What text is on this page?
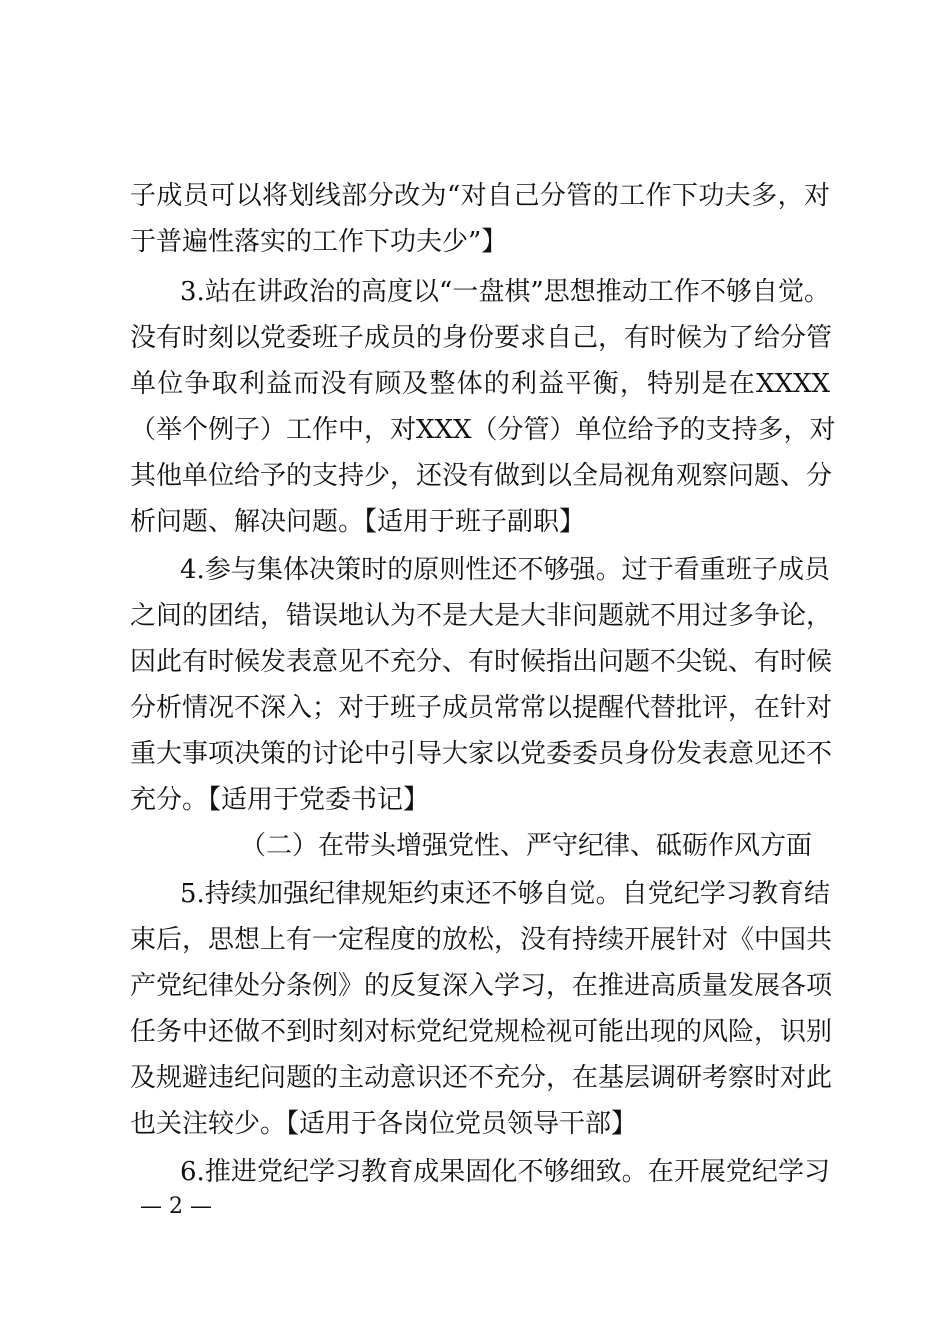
子成员可以将划线部分改为“对自己分管的工作下功夫多，对
于普遍性落实的工作下功夫少”】
3.站在讲政治的高度以“一盘棋”思想推动工作不够自觉。
没有时刻以党委班子成员的身份要求自己，有时候为了给分管
单位争取利益而没有顾及整体的利益平衡，特别是在XXXX
（举个例子）工作中，对XXX（分管）单位给予的支持多，对
其他单位给予的支持少，还没有做到以全局视角观察问题、分
析问题、解决问题。【适用于班子副职】
4.参与集体决策时的原则性还不够强。过于看重班子成员
之间的团结，错误地认为不是大是大非问题就不用过多争论，
因此有时候发表意见不充分、有时候指出问题不尖锐、有时候
分析情况不深入；对于班子成员常常以提醒代替批评，在针对
重大事项决策的讨论中引导大家以党委委员身份发表意见还不
充分。【适用于党委书记】
（二）在带头增强党性、严守纪律、砥砺作风方面
5.持续加强纪律规矩约束还不够自觉。自党纪学习教育结
束后，思想上有一定程度的放松，没有持续开展针对《中国共
产党纪律处分条例》的反复深入学习，在推进高质量发展各项
任务中还做不到时刻对标党纪党规检视可能出现的风险，识别
及规避违纪问题的主动意识还不充分，在基层调研考察时对此
也关注较少。【适用于各岗位党员领导干部】
6.推进党纪学习教育成果固化不够细致。在开展党纪学习
— 2 —
